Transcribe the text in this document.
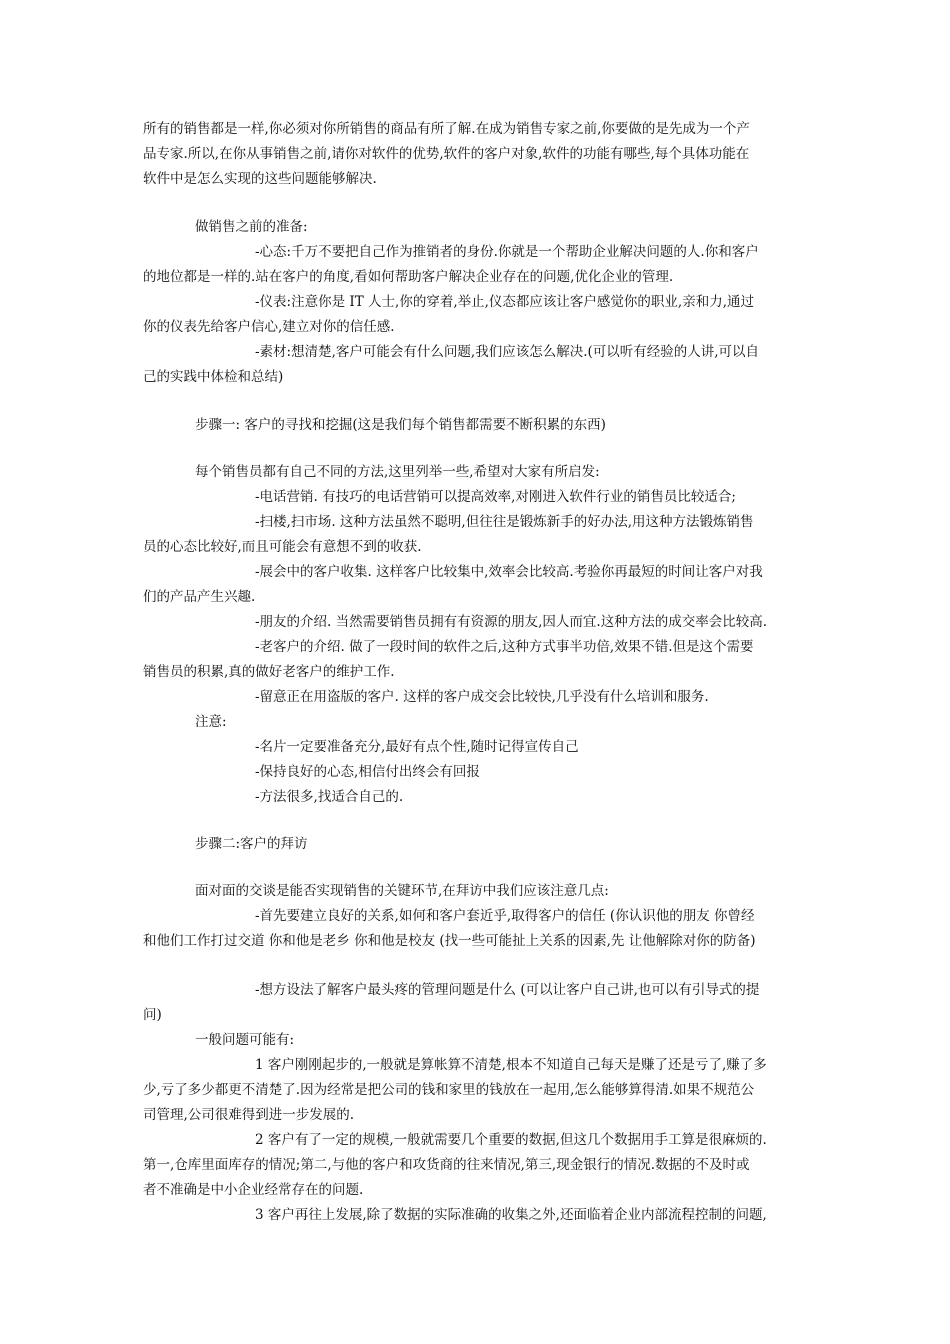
所有的销售都是一样,你必须对你所销售的商品有所了解.在成为销售专家之前,你要做的是先成为一个产

品专家.所以,在你从事销售之前,请你对软件的优势,软件的客户对象,软件的功能有哪些,每个具体功能在

软件中是怎么实现的这些问题能够解决.

做销售之前的准备:

-心态:千万不要把自己作为推销者的身份.你就是一个帮助企业解决问题的人.你和客户

的地位都是一样的.站在客户的角度,看如何帮助客户解决企业存在的问题,优化企业的管理.

-仪表:注意你是 IT 人士,你的穿着,举止,仪态都应该让客户感觉你的职业,亲和力,通过

你的仪表先给客户信心,建立对你的信任感.

-素材:想清楚,客户可能会有什么问题,我们应该怎么解决.(可以听有经验的人讲,可以自

己的实践中体检和总结)

步骤一: 客户的寻找和挖掘(这是我们每个销售都需要不断积累的东西)

每个销售员都有自己不同的方法,这里列举一些,希望对大家有所启发:

-电话营销. 有技巧的电话营销可以提高效率,对刚进入软件行业的销售员比较适合;

-扫楼,扫市场. 这种方法虽然不聪明,但往往是锻炼新手的好办法,用这种方法锻炼销售

员的心态比较好,而且可能会有意想不到的收获.

-展会中的客户收集. 这样客户比较集中,效率会比较高.考验你再最短的时间让客户对我

们的产品产生兴趣.

-朋友的介绍. 当然需要销售员拥有有资源的朋友,因人而宜.这种方法的成交率会比较高.

-老客户的介绍. 做了一段时间的软件之后,这种方式事半功倍,效果不错.但是这个需要

销售员的积累,真的做好老客户的维护工作.

-留意正在用盗版的客户. 这样的客户成交会比较快,几乎没有什么培训和服务.

注意:

-名片一定要准备充分,最好有点个性,随时记得宣传自己

-保持良好的心态,相信付出终会有回报

-方法很多,找适合自己的.

步骤二:客户的拜访

面对面的交谈是能否实现销售的关键环节,在拜访中我们应该注意几点:

-首先要建立良好的关系,如何和客户套近乎,取得客户的信任 (你认识他的朋友 你曾经

和他们工作打过交道 你和他是老乡 你和他是校友 (找一些可能扯上关系的因素,先 让他解除对你的防备)

-想方设法了解客户最头疼的管理问题是什么 (可以让客户自己讲,也可以有引导式的提

问)

一般问题可能有:

1 客户刚刚起步的,一般就是算帐算不清楚,根本不知道自己每天是赚了还是亏了,赚了多

少,亏了多少都更不清楚了.因为经常是把公司的钱和家里的钱放在一起用,怎么能够算得清.如果不规范公

司管理,公司很难得到进一步发展的.

2 客户有了一定的规模,一般就需要几个重要的数据,但这几个数据用手工算是很麻烦的.

第一,仓库里面库存的情况;第二,与他的客户和攻货商的往来情况,第三,现金银行的情况.数据的不及时或

者不准确是中小企业经常存在的问题.

3 客户再往上发展,除了数据的实际准确的收集之外,还面临着企业内部流程控制的问题,
